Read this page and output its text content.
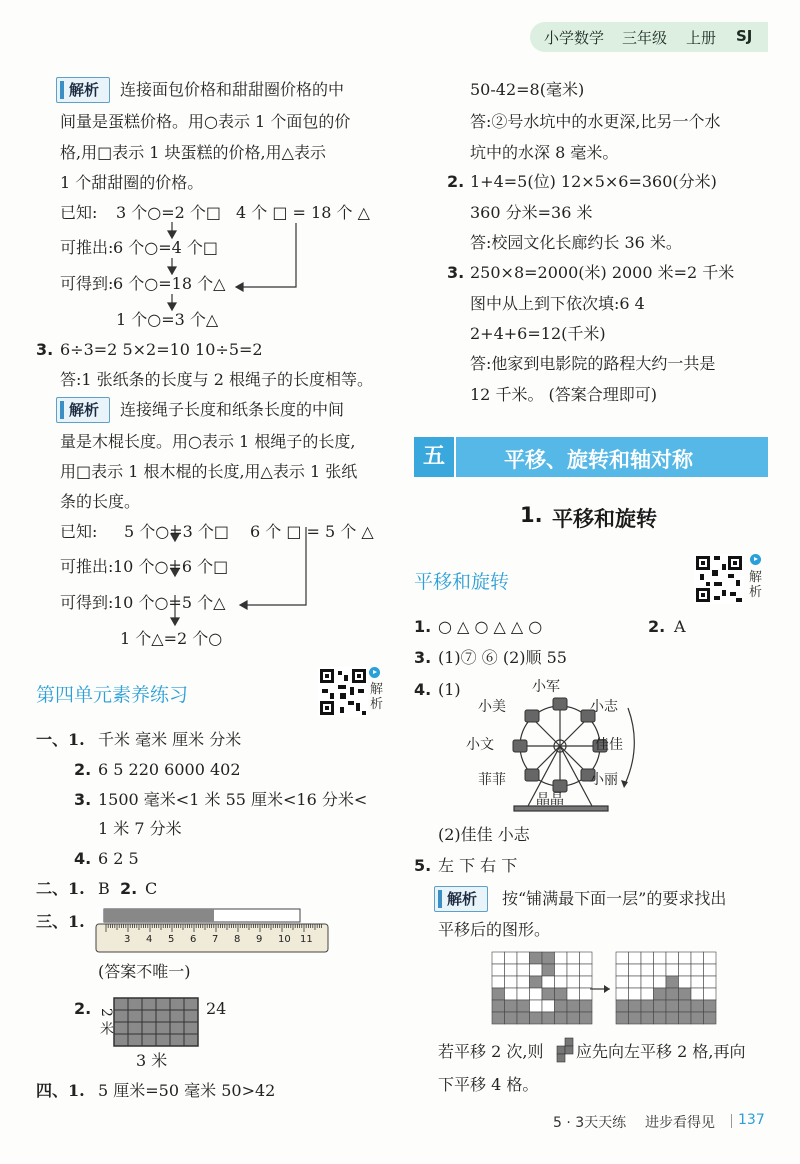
小学数学 三年级 上册 SJ
解析	连接面包价格和甜甜圈价格的中
间量是蛋糕价格。用○表示 1 个面包的价
格,用□表示 1 块蛋糕的价格,用△表示
1 个甜甜圈的价格。
已知: 3 个○=2 个□ 4 个 □ = 18 个 △
可推出: 6 个○=4 个□
可得到: 6 个○=18 个△
1 个○=3 个△
3. 6÷3=2 5×2=10 10÷5=2
答:1 张纸条的长度与 2 根绳子的长度相等。
解析	连接绳子长度和纸条长度的中间
量是木棍长度。用○表示 1 根绳子的长度,
用□表示 1 根木棍的长度,用△表示 1 张纸
条的长度。
已知: 5 个○=3 个□ 6 个 □ = 5 个 △
可推出: 10 个○=6 个□
可得到: 10 个○=5 个△
1 个△=2 个○
第四单元素养练习	解析
一、1. 千米 毫米 厘米 分米
2. 6 5 220 6000 402
3. 1500 毫米<1 米 55 厘米<16 分米<
1 米 7 分米
4. 6 2 5
二、1. B 2. C
三、1.
3 4 5 6 7 8 9 10 11
(答案不唯一)
2.	24
2 米
3 米
四、1. 5 厘米=50 毫米 50>42
50-42=8(毫米)
答:②号水坑中的水更深,比另一个水
坑中的水深 8 毫米。
2. 1+4=5(位) 12×5×6=360(分米)
360 分米=36 米
答:校园文化长廊约长 36 米。
3. 250×8=2000(米) 2000 米=2 千米
图中从上到下依次填:6 4
2+4+6=12(千米)
答:他家到电影院的路程大约一共是
12 千米。 (答案合理即可)
五	平移、旋转和轴对称
1. 平移和旋转
平移和旋转	解析
1. ○ △ ○ △ △ ○	2. A
3. (1)⑦ ⑥ (2)顺 55
4. (1)	小军
小美	小志
小文	佳佳
菲菲	小丽
晶晶
(2)佳佳 小志
5. 左 下 右 下
解析	按“铺满最下面一层”的要求找出
平移后的图形。
若平移 2 次,则 应先向左平移 2 格,再向
下平移 4 格。
5 · 3天天练 进步看得见 137
